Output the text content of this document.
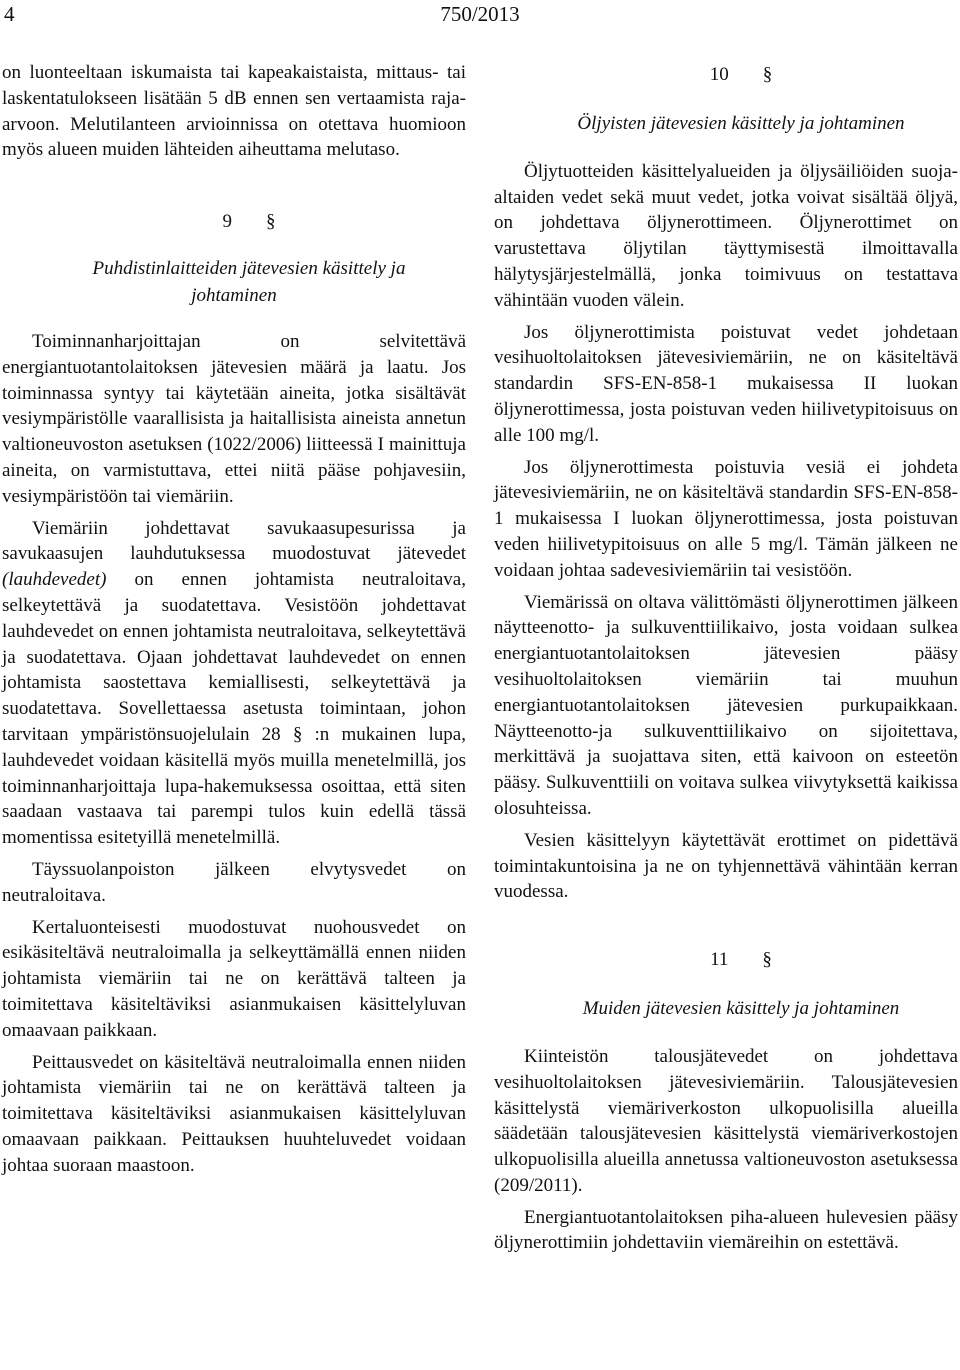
4	750/2013

on luonteeltaan iskumaista tai kapeakaistaista, mittaus- tai laskentatulokseen lisätään 5 dB ennen sen vertaamista raja-arvoon. Melutilanteen arvioinnissa on otettava huomioon myös alueen muiden lähteiden aiheuttama melutaso.

9 §

Puhdistinlaitteiden jätevesien käsittely ja johtaminen

Toiminnanharjoittajan on selvitettävä energiantuotantolaitoksen jätevesien määrä ja laatu. Jos toiminnassa syntyy tai käytetään aineita, jotka sisältävät vesiympäristölle vaarallisista ja haitallisista aineista annetun valtioneuvoston asetuksen (1022/2006) liitteessä I mainittuja aineita, on varmistuttava, ettei niitä pääse pohjavesiin, vesiympäristöön tai viemäriin.

Viemäriin johdettavat savukaasupesurissa ja savukaasujen lauhdutuksessa muodostuvat jätevedet (lauhdevedet) on ennen johtamista neutraloitava, selkeytettävä ja suodatettava. Vesistöön johdettavat lauhdevedet on ennen johtamista neutraloitava, selkeytettävä ja suodatettava. Ojaan johdettavat lauhdevedet on ennen johtamista saostettava kemiallisesti, selkeytettävä ja suodatettava. Sovellettaessa asetusta toimintaan, johon tarvitaan ympäristönsuojelulain 28 § :n mukainen lupa, lauhdevedet voidaan käsitellä myös muilla menetelmillä, jos toiminnanharjoittaja lupa-hakemuksessa osoittaa, että siten saadaan vastaava tai parempi tulos kuin edellä tässä momentissa esitetyillä menetelmillä.

Täyssuolanpoiston jälkeen elvytysvedet on neutraloitava.

Kertaluonteisesti muodostuvat nuohousvedet on esikäsiteltävä neutraloimalla ja selkeyttämällä ennen niiden johtamista viemäriin tai ne on kerättävä talteen ja toimitettava käsiteltäviksi asianmukaisen käsittelyluvan omaavaan paikkaan.

Peittausvedet on käsiteltävä neutraloimalla ennen niiden johtamista viemäriin tai ne on kerättävä talteen ja toimitettava käsiteltäviksi asianmukaisen käsittelyluvan omaavaan paikkaan. Peittauksen huuhteluvedet voidaan johtaa suoraan maastoon.

10 §

Öljyisten jätevesien käsittely ja johtaminen

Öljytuotteiden käsittelyalueiden ja öljysäiliöiden suoja-altaiden vedet sekä muut vedet, jotka voivat sisältää öljyä, on johdettava öljynerottimeen. Öljynerottimet on varustettava öljytilan täyttymisestä ilmoittavalla hälytysjärjestelmällä, jonka toimivuus on testattava vähintään vuoden välein.

Jos öljynerottimista poistuvat vedet johdetaan vesihuoltolaitoksen jätevesiviemäriin, ne on käsiteltävä standardin SFS-EN-858-1 mukaisessa II luokan öljynerottimessa, josta poistuvan veden hiilivetypitoisuus on alle 100 mg/l.

Jos öljynerottimesta poistuvia vesiä ei johdeta jätevesiviemäriin, ne on käsiteltävä standardin SFS-EN-858-1 mukaisessa I luokan öljynerottimessa, josta poistuvan veden hiilivetypitoisuus on alle 5 mg/l. Tämän jälkeen ne voidaan johtaa sadevesiviemäriin tai vesistöön.

Viemärissä on oltava välittömästi öljynerottimen jälkeen näytteenotto- ja sulkuventtiilikaivo, josta voidaan sulkea energiantuotantolaitoksen jätevesien pääsy vesihuoltolaitoksen viemäriin tai muuhun energiantuotantolaitoksen jätevesien purkupaikkaan. Näytteenotto-ja sulkuventtiilikaivo on sijoitettava, merkittävä ja suojattava siten, että kaivoon on esteetön pääsy. Sulkuventtiili on voitava sulkea viivytyksettä kaikissa olosuhteissa.

Vesien käsittelyyn käytettävät erottimet on pidettävä toimintakuntoisina ja ne on tyhjennettävä vähintään kerran vuodessa.

11 §

Muiden jätevesien käsittely ja johtaminen

Kiinteistön talousjätevedet on johdettava vesihuoltolaitoksen jätevesiviemäriin. Talousjätevesien käsittelystä viemäriverkoston ulkopuolisilla alueilla säädetään talousjätevesien käsittelystä viemäriverkostojen ulkopuolisilla alueilla annetussa valtioneuvoston asetuksessa (209/2011).

Energiantuotantolaitoksen piha-alueen hulevesien pääsy öljynerottimiin johdettaviin viemäreihin on estettävä.
